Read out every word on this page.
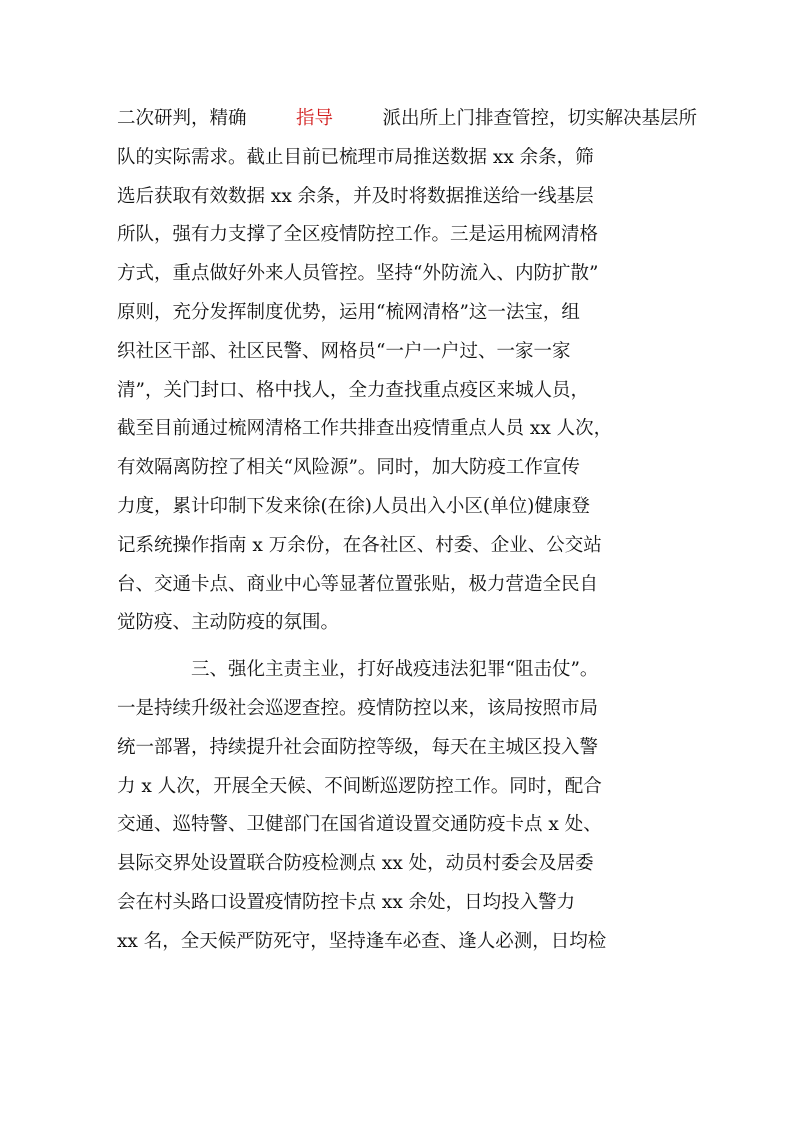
二次研判，精确	指导	派出所上门排查管控，切实解决基层所
队的实际需求。截止目前已梳理市局推送数据 xx 余条，筛
选后获取有效数据 xx 余条，并及时将数据推送给一线基层
所队，强有力支撑了全区疫情防控工作。三是运用梳网清格
方式，重点做好外来人员管控。坚持“外防流入、内防扩散”
原则，充分发挥制度优势，运用“梳网清格”这一法宝，组
织社区干部、社区民警、网格员“一户一户过、一家一家
清”，关门封口、格中找人，全力查找重点疫区来城人员，
截至目前通过梳网清格工作共排查出疫情重点人员 xx 人次，
有效隔离防控了相关“风险源”。同时，加大防疫工作宣传
力度，累计印制下发来徐(在徐)人员出入小区(单位)健康登
记系统操作指南 x 万余份，在各社区、村委、企业、公交站
台、交通卡点、商业中心等显著位置张贴，极力营造全民自
觉防疫、主动防疫的氛围。
三、强化主责主业，打好战疫违法犯罪“阻击仗”。
一是持续升级社会巡逻查控。疫情防控以来，该局按照市局
统一部署，持续提升社会面防控等级，每天在主城区投入警
力 x 人次，开展全天候、不间断巡逻防控工作。同时，配合
交通、巡特警、卫健部门在国省道设置交通防疫卡点 x 处、
县际交界处设置联合防疫检测点 xx 处，动员村委会及居委
会在村头路口设置疫情防控卡点 xx 余处，日均投入警力
xx 名，全天候严防死守，坚持逢车必查、逢人必测，日均检
